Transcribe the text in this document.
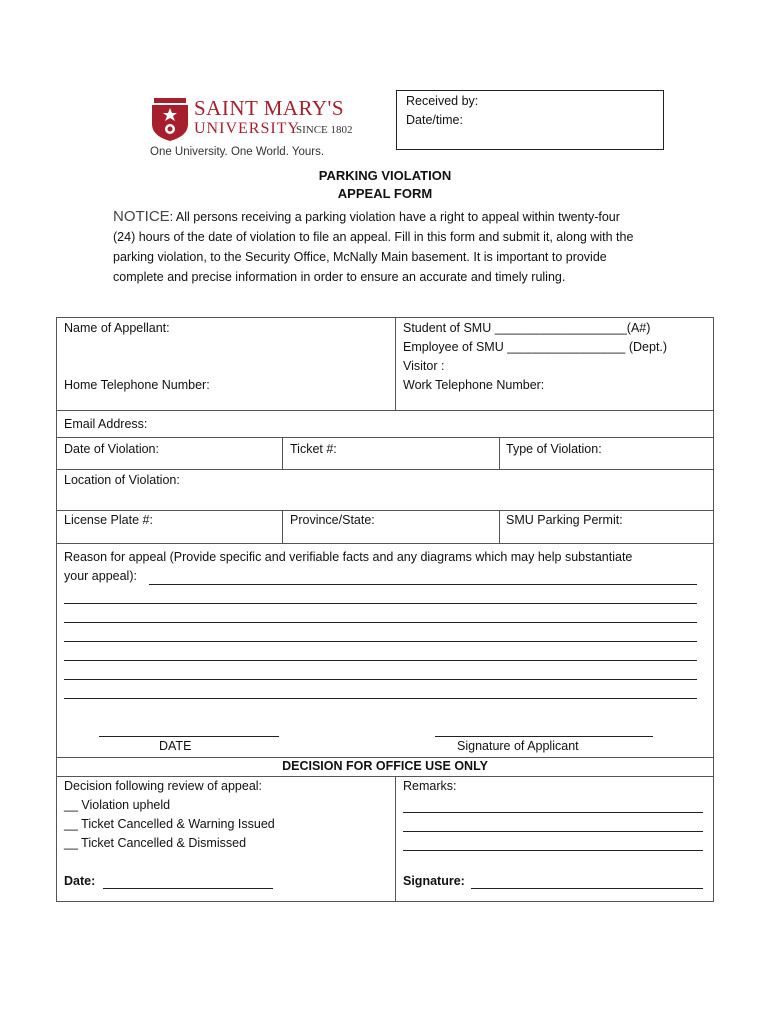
SAINT MARY'S
UNIVERSITY
SINCE 1802
One University. One World. Yours.
Received by:
Date/time:
PARKING VIOLATION
APPEAL FORM
NOTICE: All persons receiving a parking violation have a right to appeal within twenty-four (24) hours of the date of violation to file an appeal. Fill in this form and submit it, along with the parking violation, to the Security Office, McNally Main basement. It is important to provide complete and precise information in order to ensure an accurate and timely ruling.
Name of Appellant:	Student of SMU ___________________(A#)
Employee of SMU _________________ (Dept.)
Visitor :
Home Telephone Number:	Work Telephone Number:
Email Address:
Date of Violation:	Ticket #:	Type of Violation:
Location of Violation:
License Plate #:	Province/State:	SMU Parking Permit:
Reason for appeal (Provide specific and verifiable facts and any diagrams which may help substantiate
your appeal):
DATE	Signature of Applicant
DECISION FOR OFFICE USE ONLY
Decision following review of appeal:
__ Violation upheld
__ Ticket Cancelled & Warning Issued
__ Ticket Cancelled & Dismissed
Date:
Remarks:
Signature:
